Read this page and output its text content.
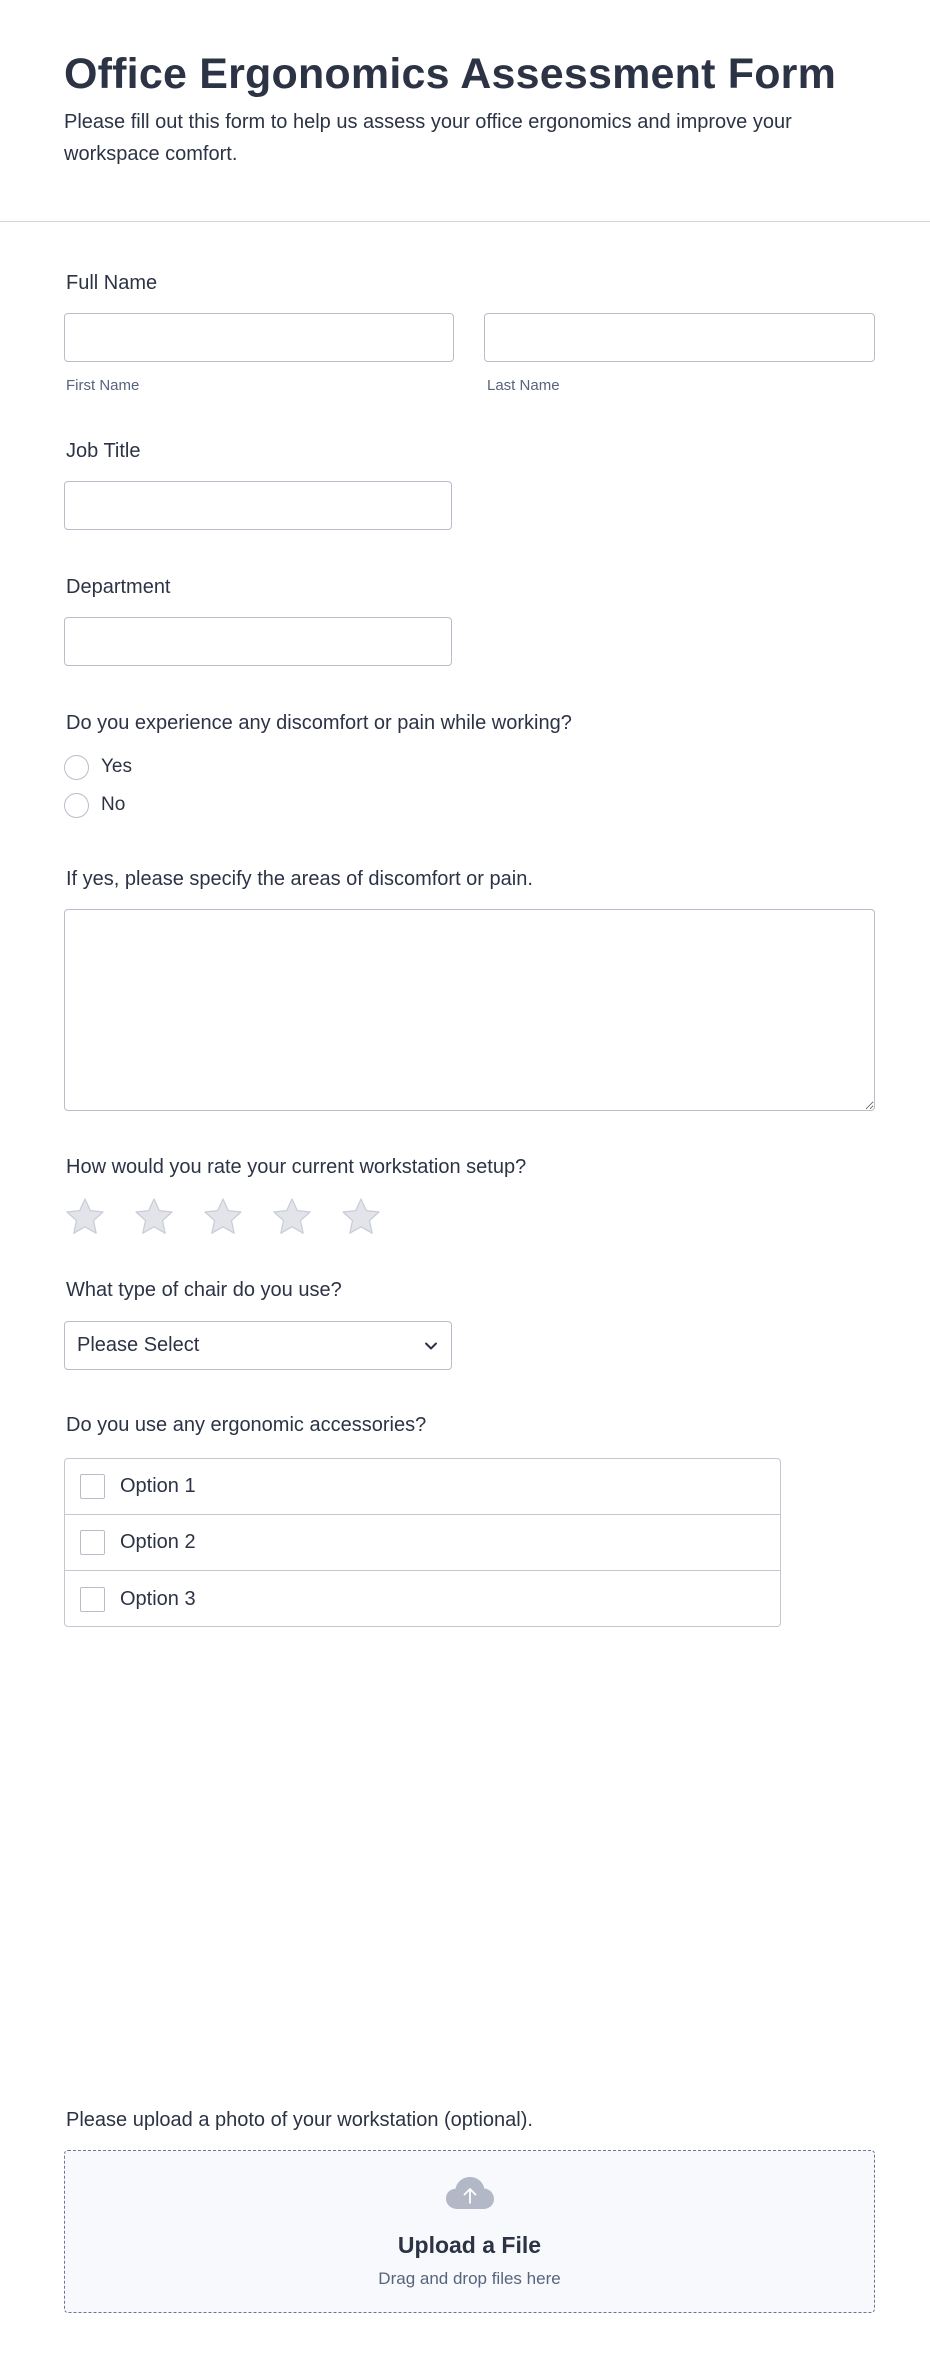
Office Ergonomics Assessment Form
Please fill out this form to help us assess your office ergonomics and improve your workspace comfort.
Full Name
First Name	Last Name
Job Title
Department
Do you experience any discomfort or pain while working?
Yes
No
If yes, please specify the areas of discomfort or pain.
How would you rate your current workstation setup?
What type of chair do you use?
Please Select
Do you use any ergonomic accessories?
Option 1
Option 2
Option 3
Please upload a photo of your workstation (optional).
Upload a File
Drag and drop files here
